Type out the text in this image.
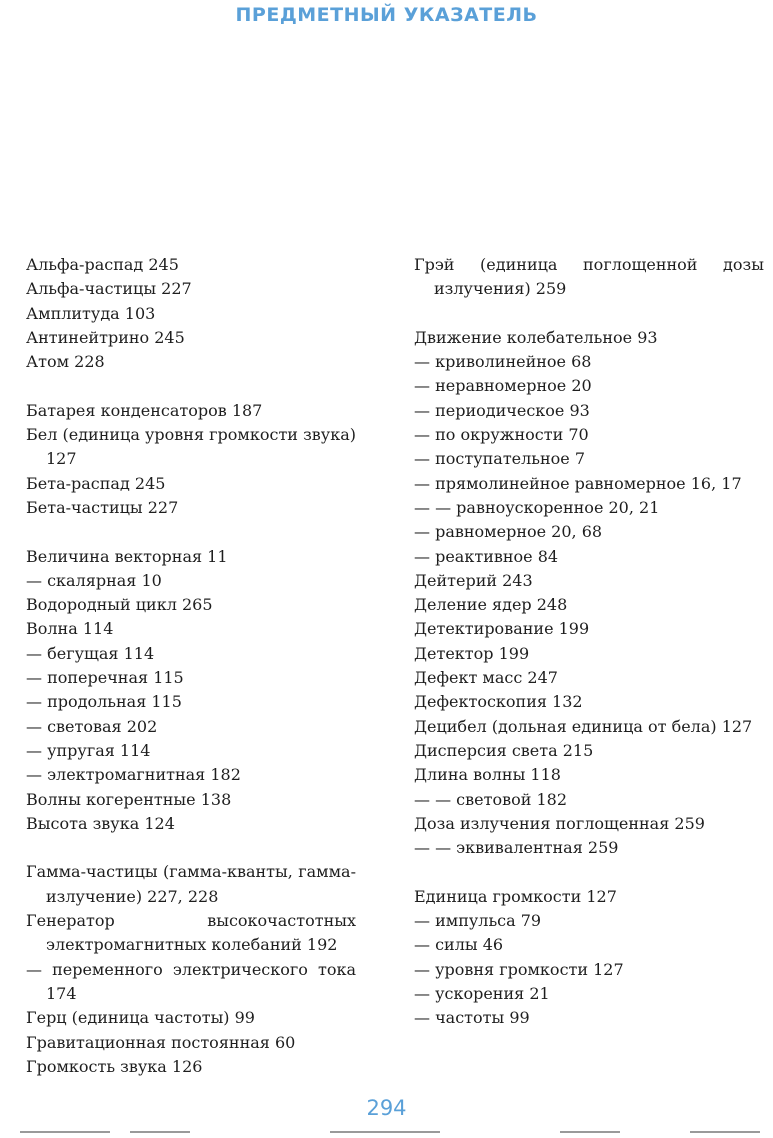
ПРЕДМЕТНЫЙ УКАЗАТЕЛЬ
Альфа-распад 245
Альфа-частицы 227
Амплитуда 103
Антинейтрино 245
Атом 228
Батарея конденсаторов 187
Бел (единица уровня громкости звука) 127
Бета-распад 245
Бета-частицы 227
Величина векторная 11
— скалярная 10
Водородный цикл 265
Волна 114
— бегущая 114
— поперечная 115
— продольная 115
— световая 202
— упругая 114
— электромагнитная 182
Волны когерентные 138
Высота звука 124
Гамма-частицы (гамма-кванты, гамма-излучение) 227, 228
Генератор высокочастотных электромагнитных колебаний 192
— переменного электрического тока 174
Герц (единица частоты) 99
Гравитационная постоянная 60
Громкость звука 126
Грэй (единица поглощенной дозы излучения) 259
Движение колебательное 93
— криволинейное 68
— неравномерное 20
— периодическое 93
— по окружности 70
— поступательное 7
— прямолинейное равномерное 16, 17
— — равноускоренное 20, 21
— равномерное 20, 68
— реактивное 84
Дейтерий 243
Деление ядер 248
Детектирование 199
Детектор 199
Дефект масс 247
Дефектоскопия 132
Децибел (дольная единица от бела) 127
Дисперсия света 215
Длина волны 118
— — световой 182
Доза излучения поглощенная 259
— — эквивалентная 259
Единица громкости 127
— импульса 79
— силы 46
— уровня громкости 127
— ускорения 21
— частоты 99
294
